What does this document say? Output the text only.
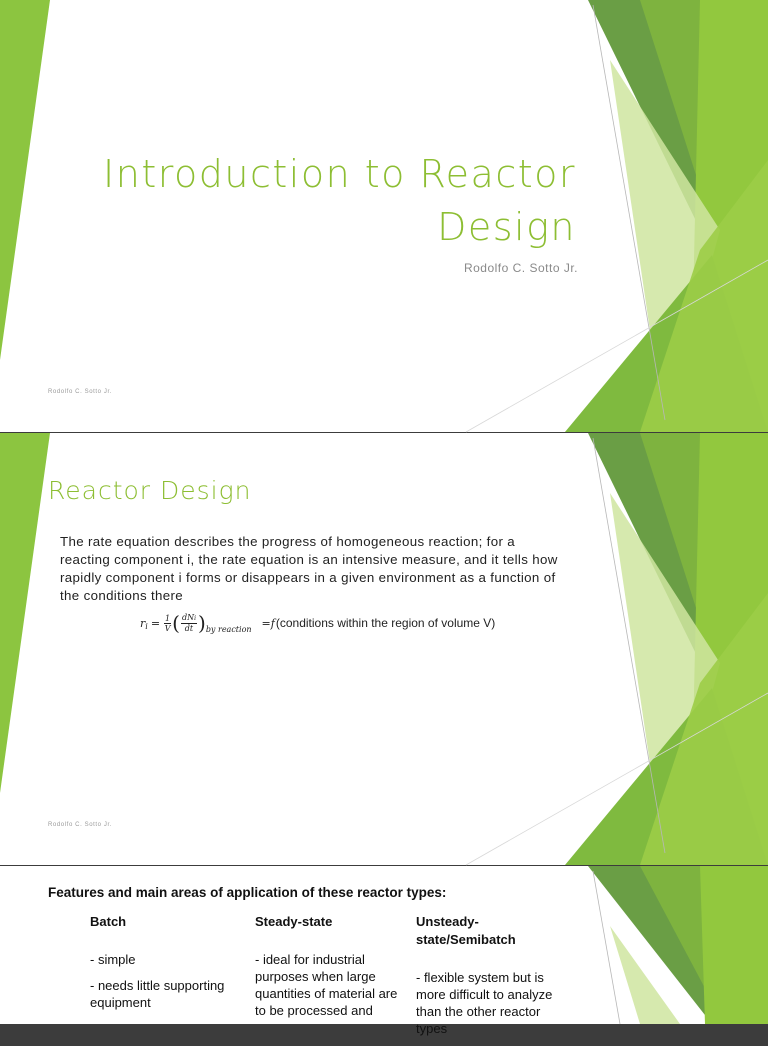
Introduction to Reactor
Design
Rodolfo C. Sotto Jr.
Rodolfo C. Sotto Jr.
Reactor Design
The rate equation describes the progress of homogeneous reaction; for a reacting component i, the rate equation is an intensive measure, and it tells how rapidly component i forms or disappears in a given environment as a function of the conditions there
r $i = \frac{1}{V}$ ( $\frac{\text{dNi}}{dt}$ ) by reaction = f (conditions within the region of volume V)
Rodolfo C. Sotto Jr.
Features and main areas of application of these reactor types:
Batch
- simple
- needs little supporting equipment
Steady-state
- ideal for industrial purposes when large quantities of material are to be processed and
Unsteady-state/Semibatch
- flexible system but is more difficult to analyze than the other reactor types
